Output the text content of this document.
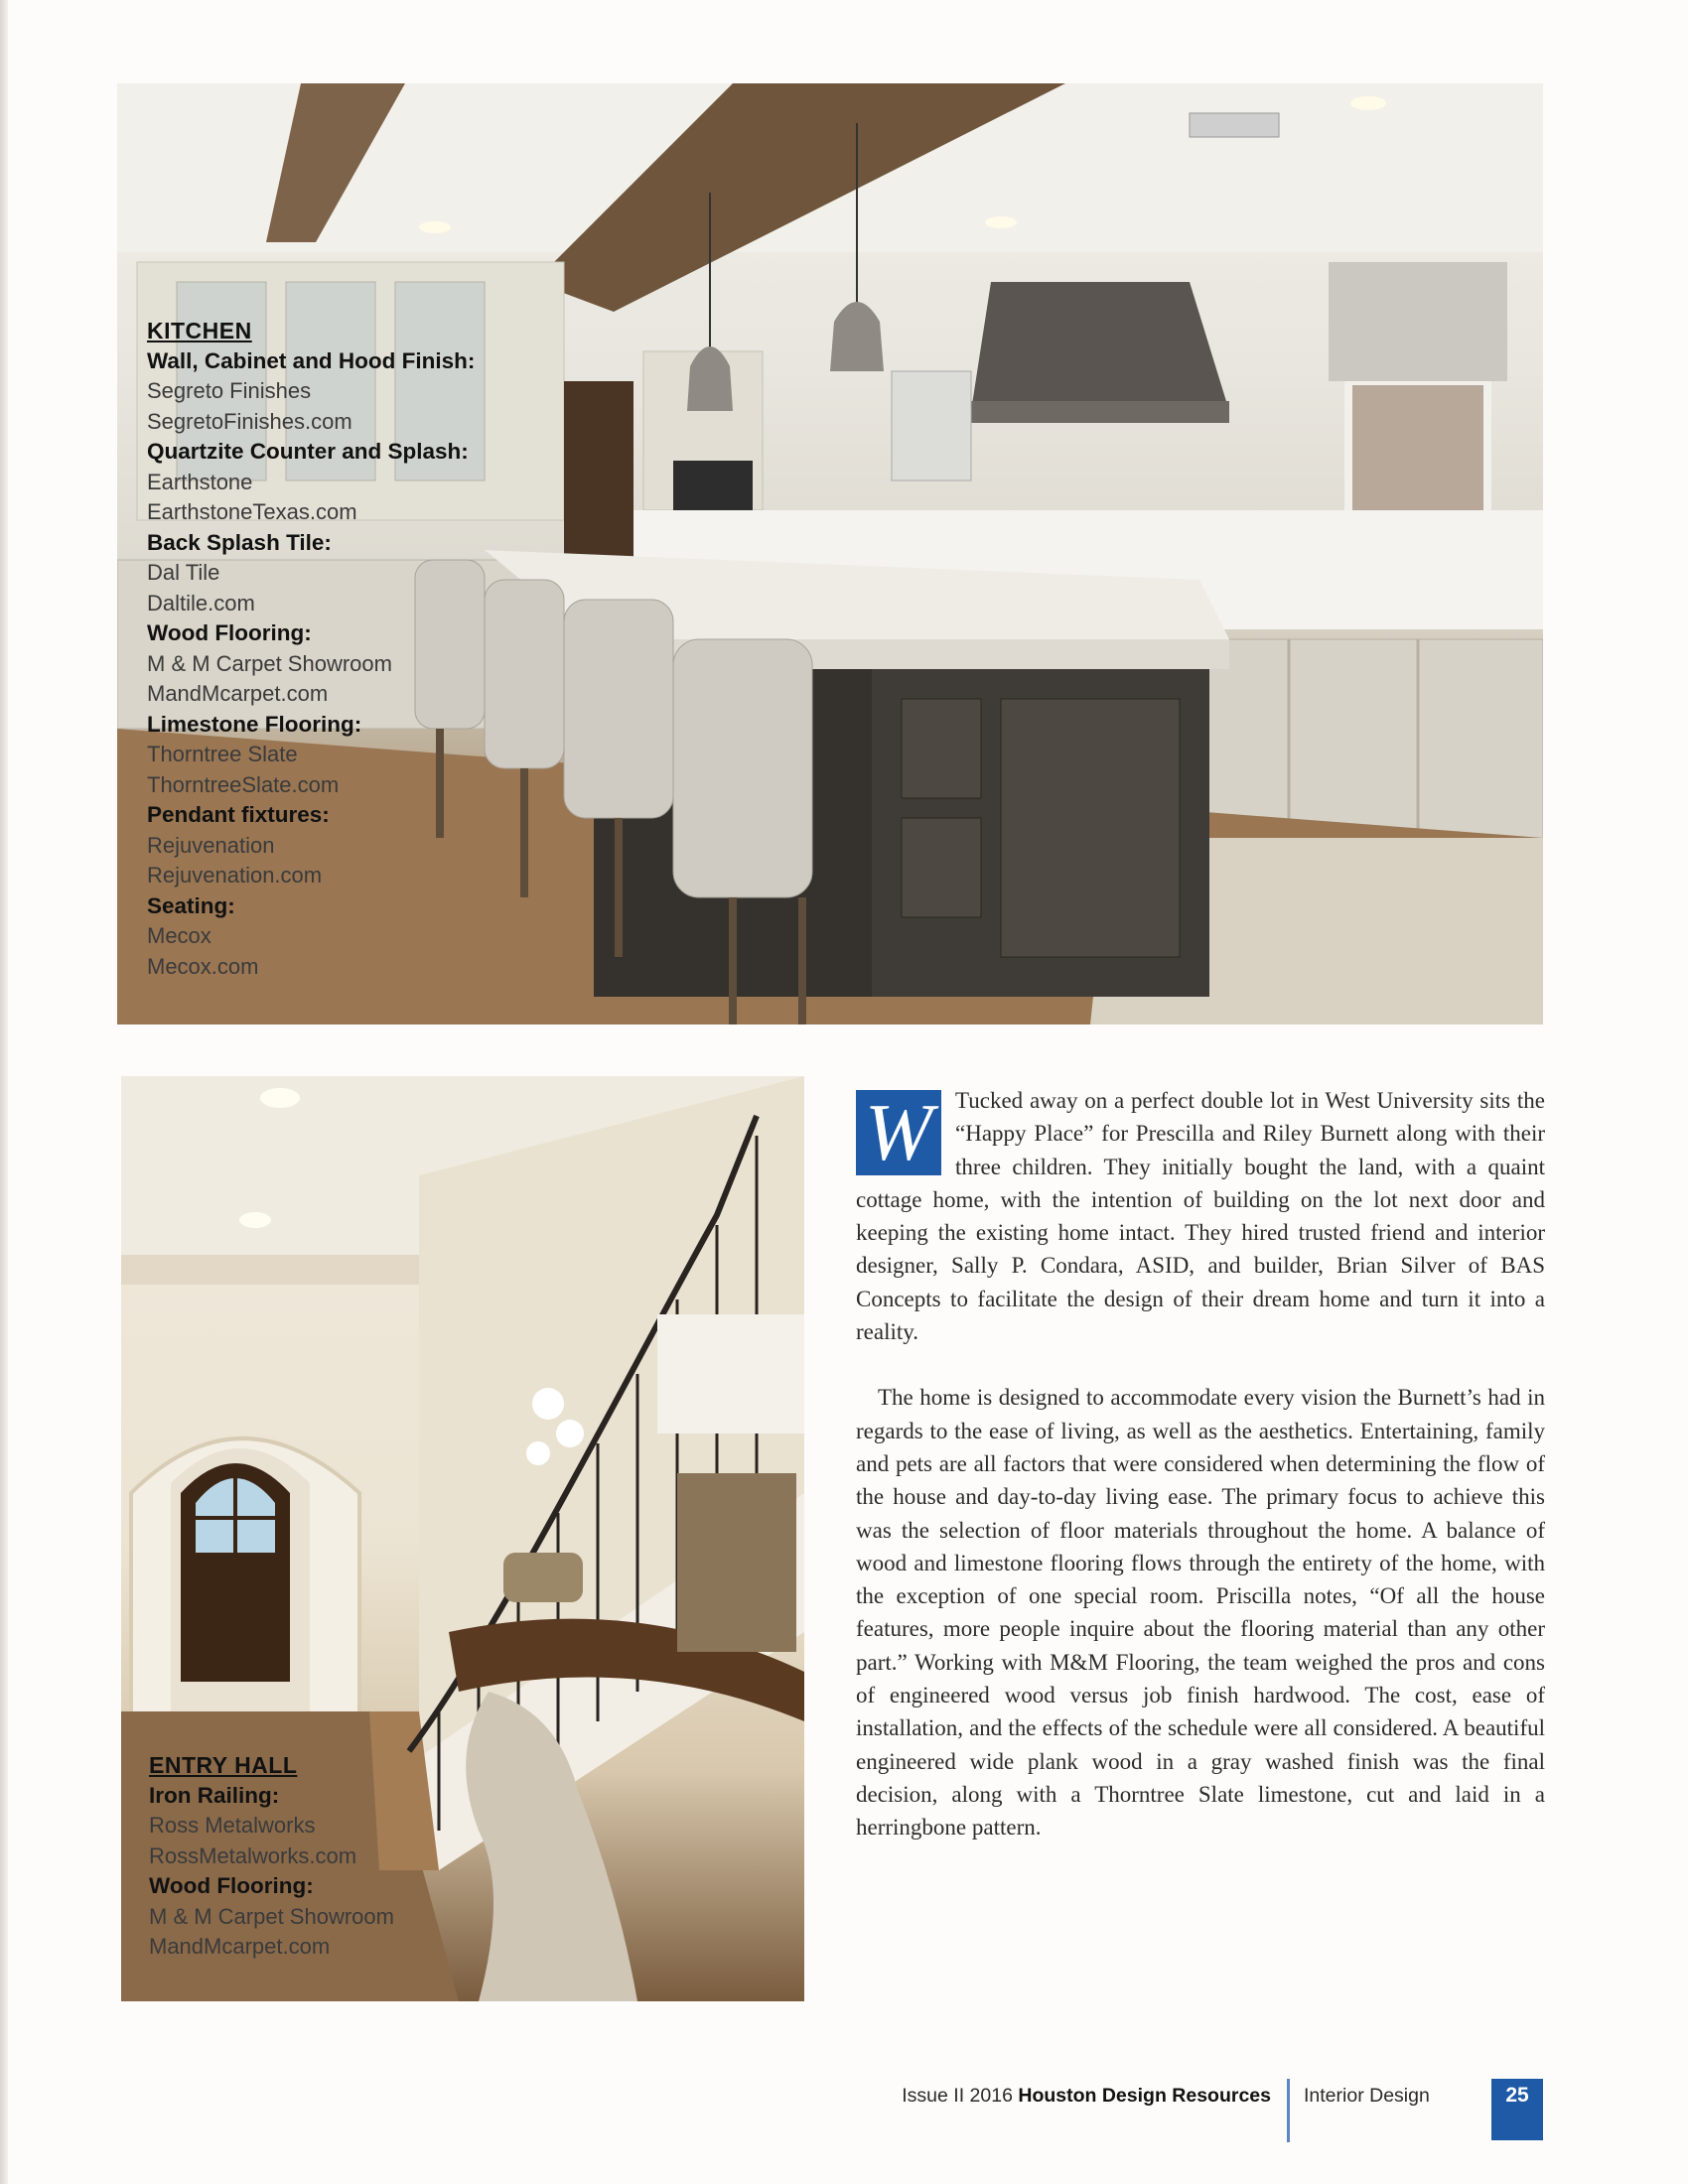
KITCHEN
Wall, Cabinet and Hood Finish:
Segreto Finishes
SegretoFinishes.com
Quartzite Counter and Splash:
Earthstone
EarthstoneTexas.com
Back Splash Tile:
Dal Tile
Daltile.com
Wood Flooring:
M & M Carpet Showroom
MandMcarpet.com
Limestone Flooring:
Thorntree Slate
ThorntreeSlate.com
Pendant fixtures:
Rejuvenation
Rejuvenation.com
Seating:
Mecox
Mecox.com
ENTRY HALL
Iron Railing:
Ross Metalworks
RossMetalworks.com
Wood Flooring:
M & M Carpet Showroom
MandMcarpet.com

W Tucked away on a perfect double lot in West University sits the “Happy Place” for Prescilla and Riley Burnett along with their three children. They initially bought the land, with a quaint cottage home, with the intention of building on the lot next door and keeping the existing home intact. They hired trusted friend and interior designer, Sally P. Condara, ASID, and builder, Brian Silver of BAS Concepts to facilitate the design of their dream home and turn it into a reality.

The home is designed to accommodate every vision the Burnett’s had in regards to the ease of living, as well as the aesthetics. Entertaining, family and pets are all factors that were considered when determining the flow of the house and day-to-day living ease. The primary focus to achieve this was the selection of floor materials throughout the home. A balance of wood and limestone flooring flows through the entirety of the home, with the exception of one special room. Priscilla notes, “Of all the house features, more people inquire about the flooring material than any other part.” Working with M&M Flooring, the team weighed the pros and cons of engineered wood versus job finish hardwood. The cost, ease of installation, and the effects of the schedule were all considered. A beautiful engineered wide plank wood in a gray washed finish was the final decision, along with a Thorntree Slate limestone, cut and laid in a herringbone pattern.

Issue II 2016 Houston Design Resources Interior Design	25
